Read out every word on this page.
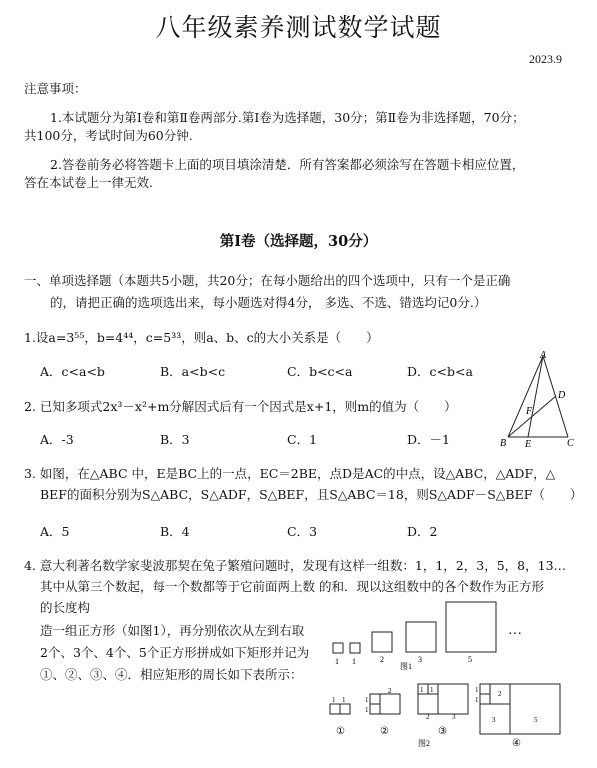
八年级素养测试数学试题
2023.9
注意事项：
1.本试题分为第Ⅰ卷和第Ⅱ卷两部分.第Ⅰ卷为选择题，30分；第Ⅱ卷为非选择题，70分；
共100分，考试时间为60分钟.
2.答卷前务必将答题卡上面的项目填涂清楚．所有答案都必须涂写在答题卡相应位置，
答在本试卷上一律无效.
第Ⅰ卷（选择题，30分）
一、单项选择题（本题共5小题，共20分；在每小题给出的四个选项中，只有一个是正确
的，请把正确的选项选出来，每小题选对得4分， 多选、不选、错选均记0分.）
1.设a=3⁵⁵，b=4⁴⁴，c=5³³，则a、b、c的大小关系是（　　）
A．c<a<b	B．a<b<c	C．b<c<a	D．c<b<a
2. 已知多项式2x³－x²+m分解因式后有一个因式是x+1，则m的值为（　　）
A．-3	B．3	C．1	D．－1
A
B	C
D
E
F
3. 如图，在△ABC 中，E是BC上的一点，EC＝2BE，点D是AC的中点，设△ABC，△ADF，△
BEF的面积分别为S△ABC，S△ADF，S△BEF，且S△ABC＝18，则S△ADF－S△BEF（　　）
A．5	B．4	C．3	D．2
4. 意大利著名数学家斐波那契在兔子繁殖问题时，发现有这样一组数：1，1，2，3，5，8，13…
其中从第三个数起，每一个数都等于它前面两上数 的和．现以这组数中的各个数作为正方形
的长度构
造一组正方形（如图1），再分别依次从左到右取
2个、3个、4个、5个正方形拼成如下矩形并记为
①、②、③、④．相应矩形的周长如下表所示：
1 1	2	3	5
…
图1
1 1	1
1
2	1 1
2	3
1
1
2
3	5
①	②	③
④
图2
